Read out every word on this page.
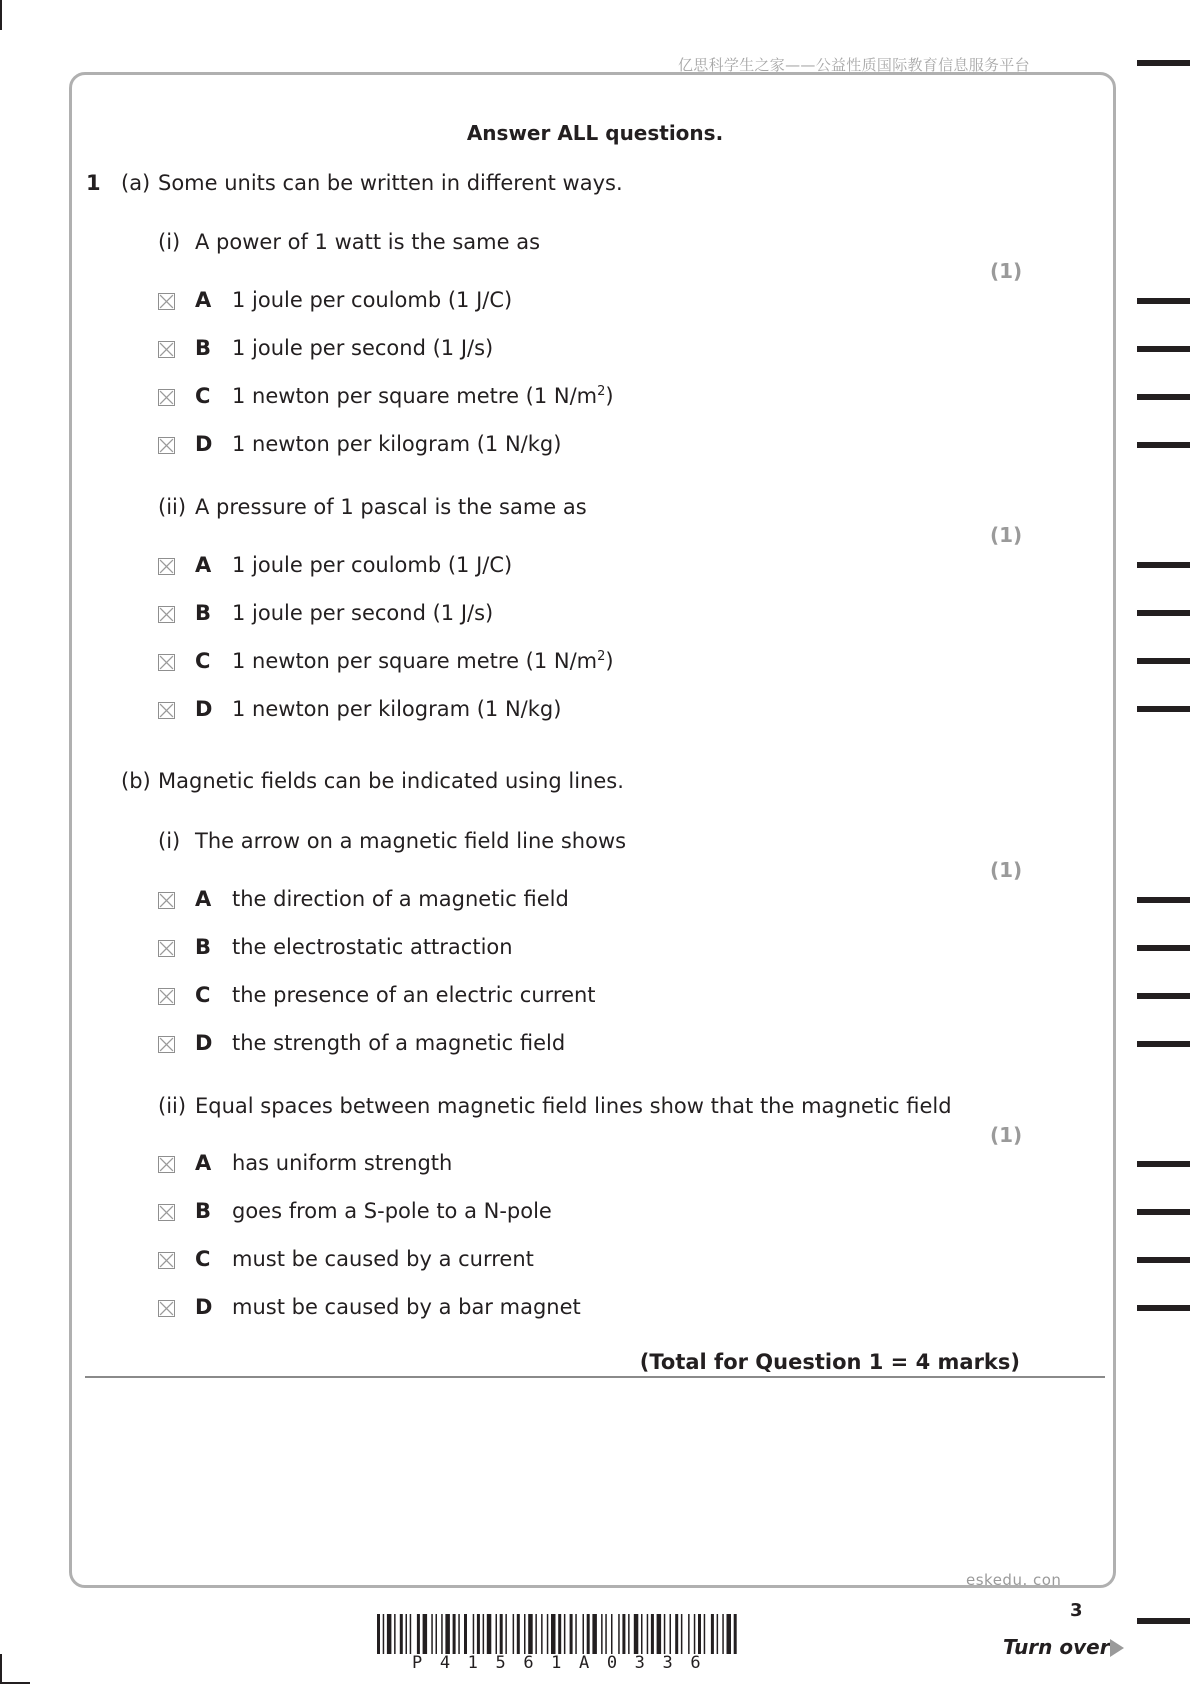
亿思科学生之家——公益性质国际教育信息服务平台
Answer ALL questions.
1 (a) Some units can be written in different ways.
(i) A power of 1 watt is the same as
(1)
A 1 joule per coulomb (1 J/C)
B 1 joule per second (1 J/s)
C 1 newton per square metre (1 $N/m^2$)
D 1 newton per kilogram (1 N/kg)
(ii) A pressure of 1 pascal is the same as
(1)
A 1 joule per coulomb (1 J/C)
B 1 joule per second (1 J/s)
C 1 newton per square metre (1 $N/m^2$)
D 1 newton per kilogram (1 N/kg)
(b) Magnetic fields can be indicated using lines.
(i) The arrow on a magnetic field line shows
(1)
A the direction of a magnetic field
B the electrostatic attraction
C the presence of an electric current
D the strength of a magnetic field
(ii) Equal spaces between magnetic field lines show that the magnetic field
(1)
A has uniform strength
B goes from a S-pole to a N-pole
C must be caused by a current
D must be caused by a bar magnet
(Total for Question 1 = 4 marks)
eskedu. con
3
Turn over
P41561A0336
